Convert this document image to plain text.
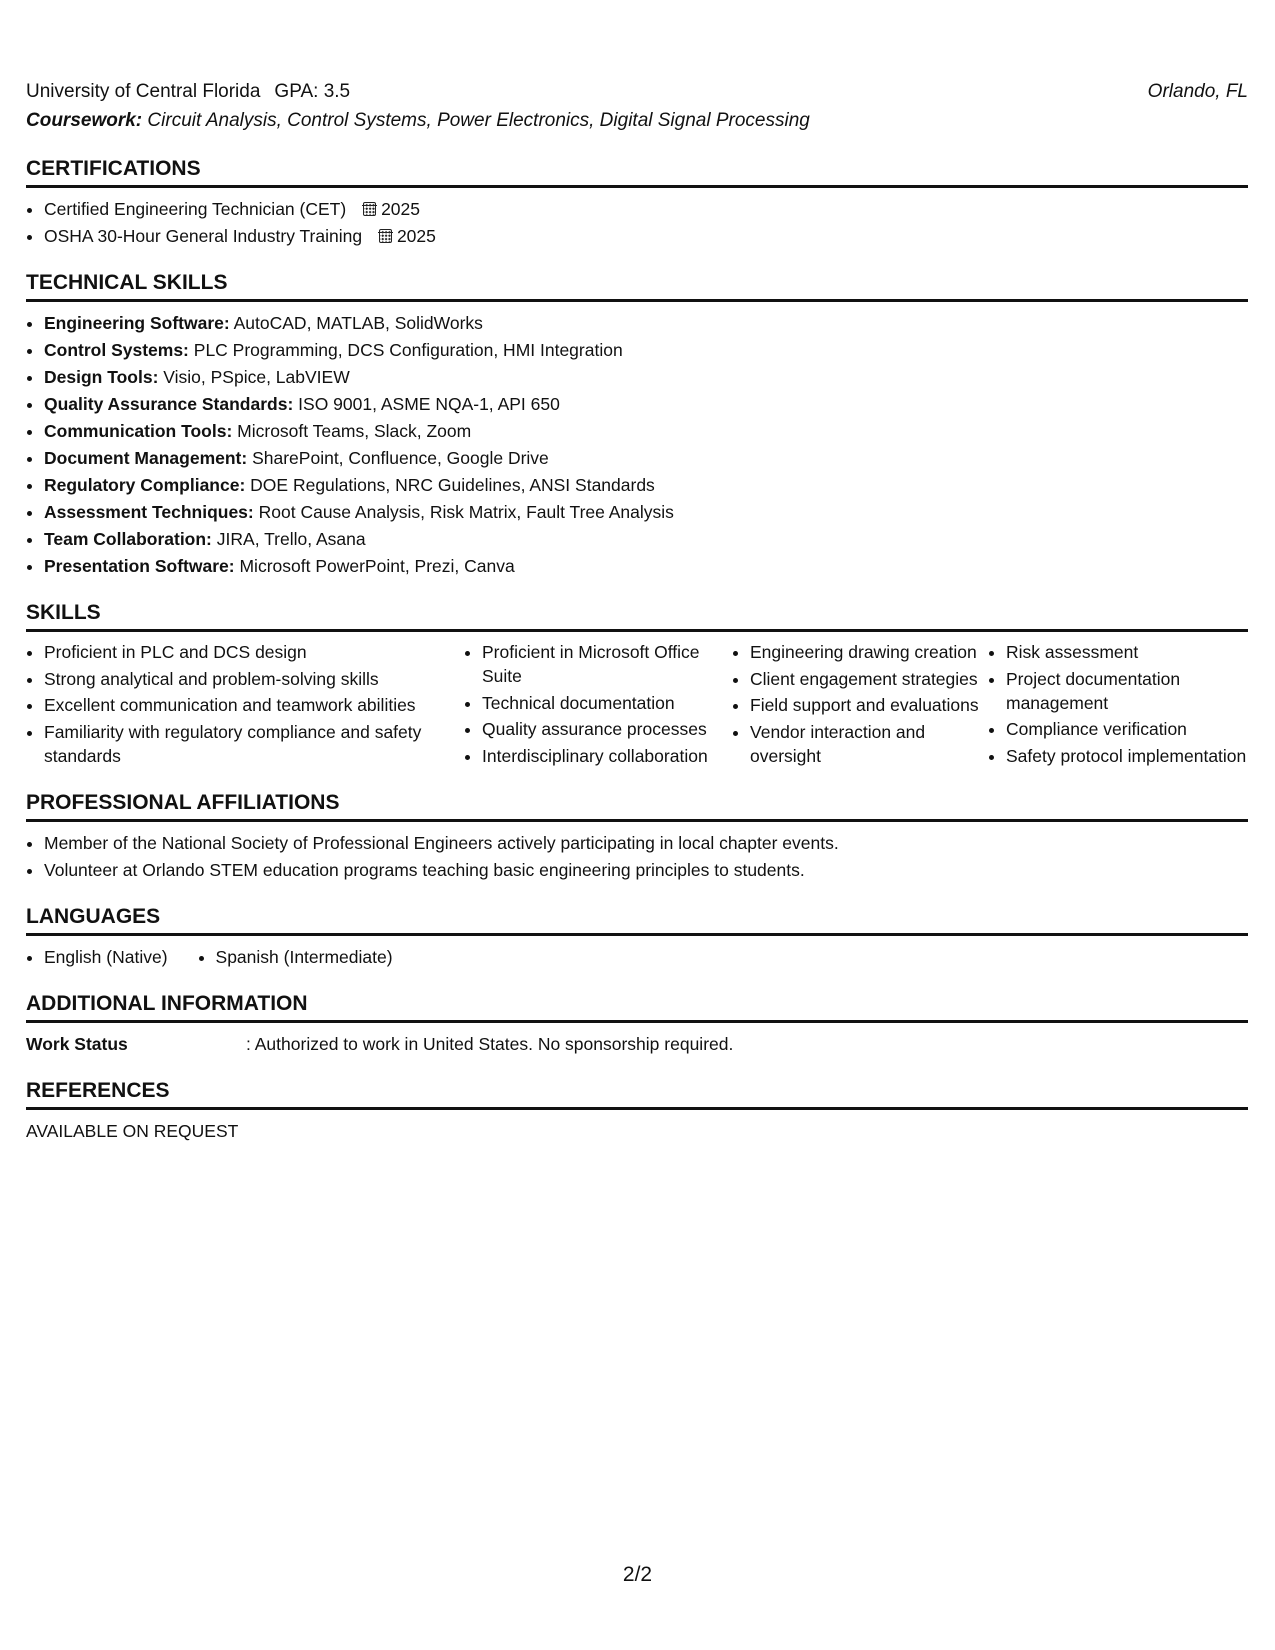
University of Central Florida GPA: 3.5	Orlando, FL
Coursework: Circuit Analysis, Control Systems, Power Electronics, Digital Signal Processing
CERTIFICATIONS
• Certified Engineering Technician (CET) 2025
• OSHA 30-Hour General Industry Training 2025
TECHNICAL SKILLS
• Engineering Software: AutoCAD, MATLAB, SolidWorks
• Control Systems: PLC Programming, DCS Configuration, HMI Integration
• Design Tools: Visio, PSpice, LabVIEW
• Quality Assurance Standards: ISO 9001, ASME NQA-1, API 650
• Communication Tools: Microsoft Teams, Slack, Zoom
• Document Management: SharePoint, Confluence, Google Drive
• Regulatory Compliance: DOE Regulations, NRC Guidelines, ANSI Standards
• Assessment Techniques: Root Cause Analysis, Risk Matrix, Fault Tree Analysis
• Team Collaboration: JIRA, Trello, Asana
• Presentation Software: Microsoft PowerPoint, Prezi, Canva
SKILLS
• Proficient in PLC and DCS design
• Strong analytical and problem-solving skills
• Excellent communication and teamwork abilities
• Familiarity with regulatory compliance and safety standards
• Proficient in Microsoft Office Suite
• Technical documentation
• Quality assurance processes
• Interdisciplinary collaboration
• Engineering drawing creation
• Client engagement strategies
• Field support and evaluations
• Vendor interaction and oversight
• Risk assessment
• Project documentation management
• Compliance verification
• Safety protocol implementation
PROFESSIONAL AFFILIATIONS
• Member of the National Society of Professional Engineers actively participating in local chapter events.
• Volunteer at Orlando STEM education programs teaching basic engineering principles to students.
LANGUAGES
• English (Native)
•	Spanish (Intermediate)
ADDITIONAL INFORMATION
Work Status	: Authorized to work in United States. No sponsorship required.
REFERENCES
AVAILABLE ON REQUEST
2/2
